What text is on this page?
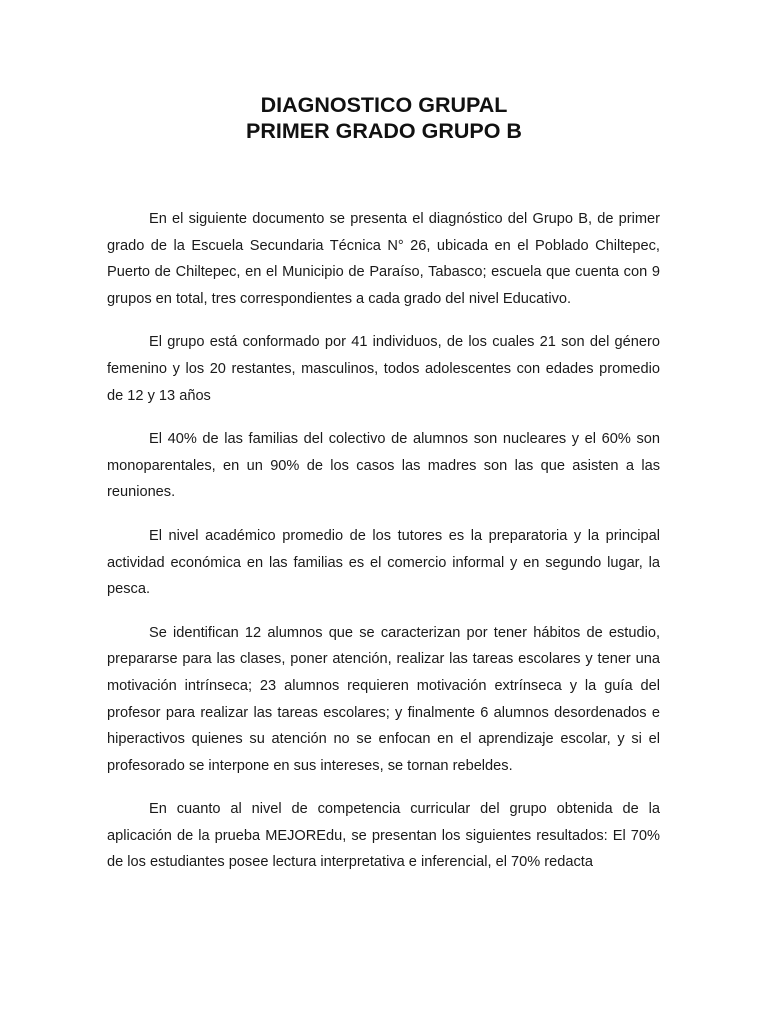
DIAGNOSTICO GRUPAL
PRIMER GRADO GRUPO B

En el siguiente documento se presenta el diagnóstico del Grupo B, de primer grado de la Escuela Secundaria Técnica N° 26, ubicada en el Poblado Chiltepec, Puerto de Chiltepec, en el Municipio de Paraíso, Tabasco; escuela que cuenta con 9 grupos en total, tres correspondientes a cada grado del nivel Educativo.

El grupo está conformado por 41 individuos, de los cuales 21 son del género femenino y los 20 restantes, masculinos, todos adolescentes con edades promedio de 12 y 13 años

El 40% de las familias del colectivo de alumnos son nucleares y el 60% son monoparentales, en un 90% de los casos las madres son las que asisten a las reuniones.

El nivel académico promedio de los tutores es la preparatoria y la principal actividad económica en las familias es el comercio informal y en segundo lugar, la pesca.

Se identifican 12 alumnos que se caracterizan por tener hábitos de estudio, prepararse para las clases, poner atención, realizar las tareas escolares y tener una motivación intrínseca; 23 alumnos requieren motivación extrínseca y la guía del profesor para realizar las tareas escolares; y finalmente 6 alumnos desordenados e hiperactivos quienes su atención no se enfocan en el aprendizaje escolar, y si el profesorado se interpone en sus intereses, se tornan rebeldes.

En cuanto al nivel de competencia curricular del grupo obtenida de la aplicación de la prueba MEJOREdu, se presentan los siguientes resultados: El 70% de los estudiantes posee lectura interpretativa e inferencial, el 70% redacta
